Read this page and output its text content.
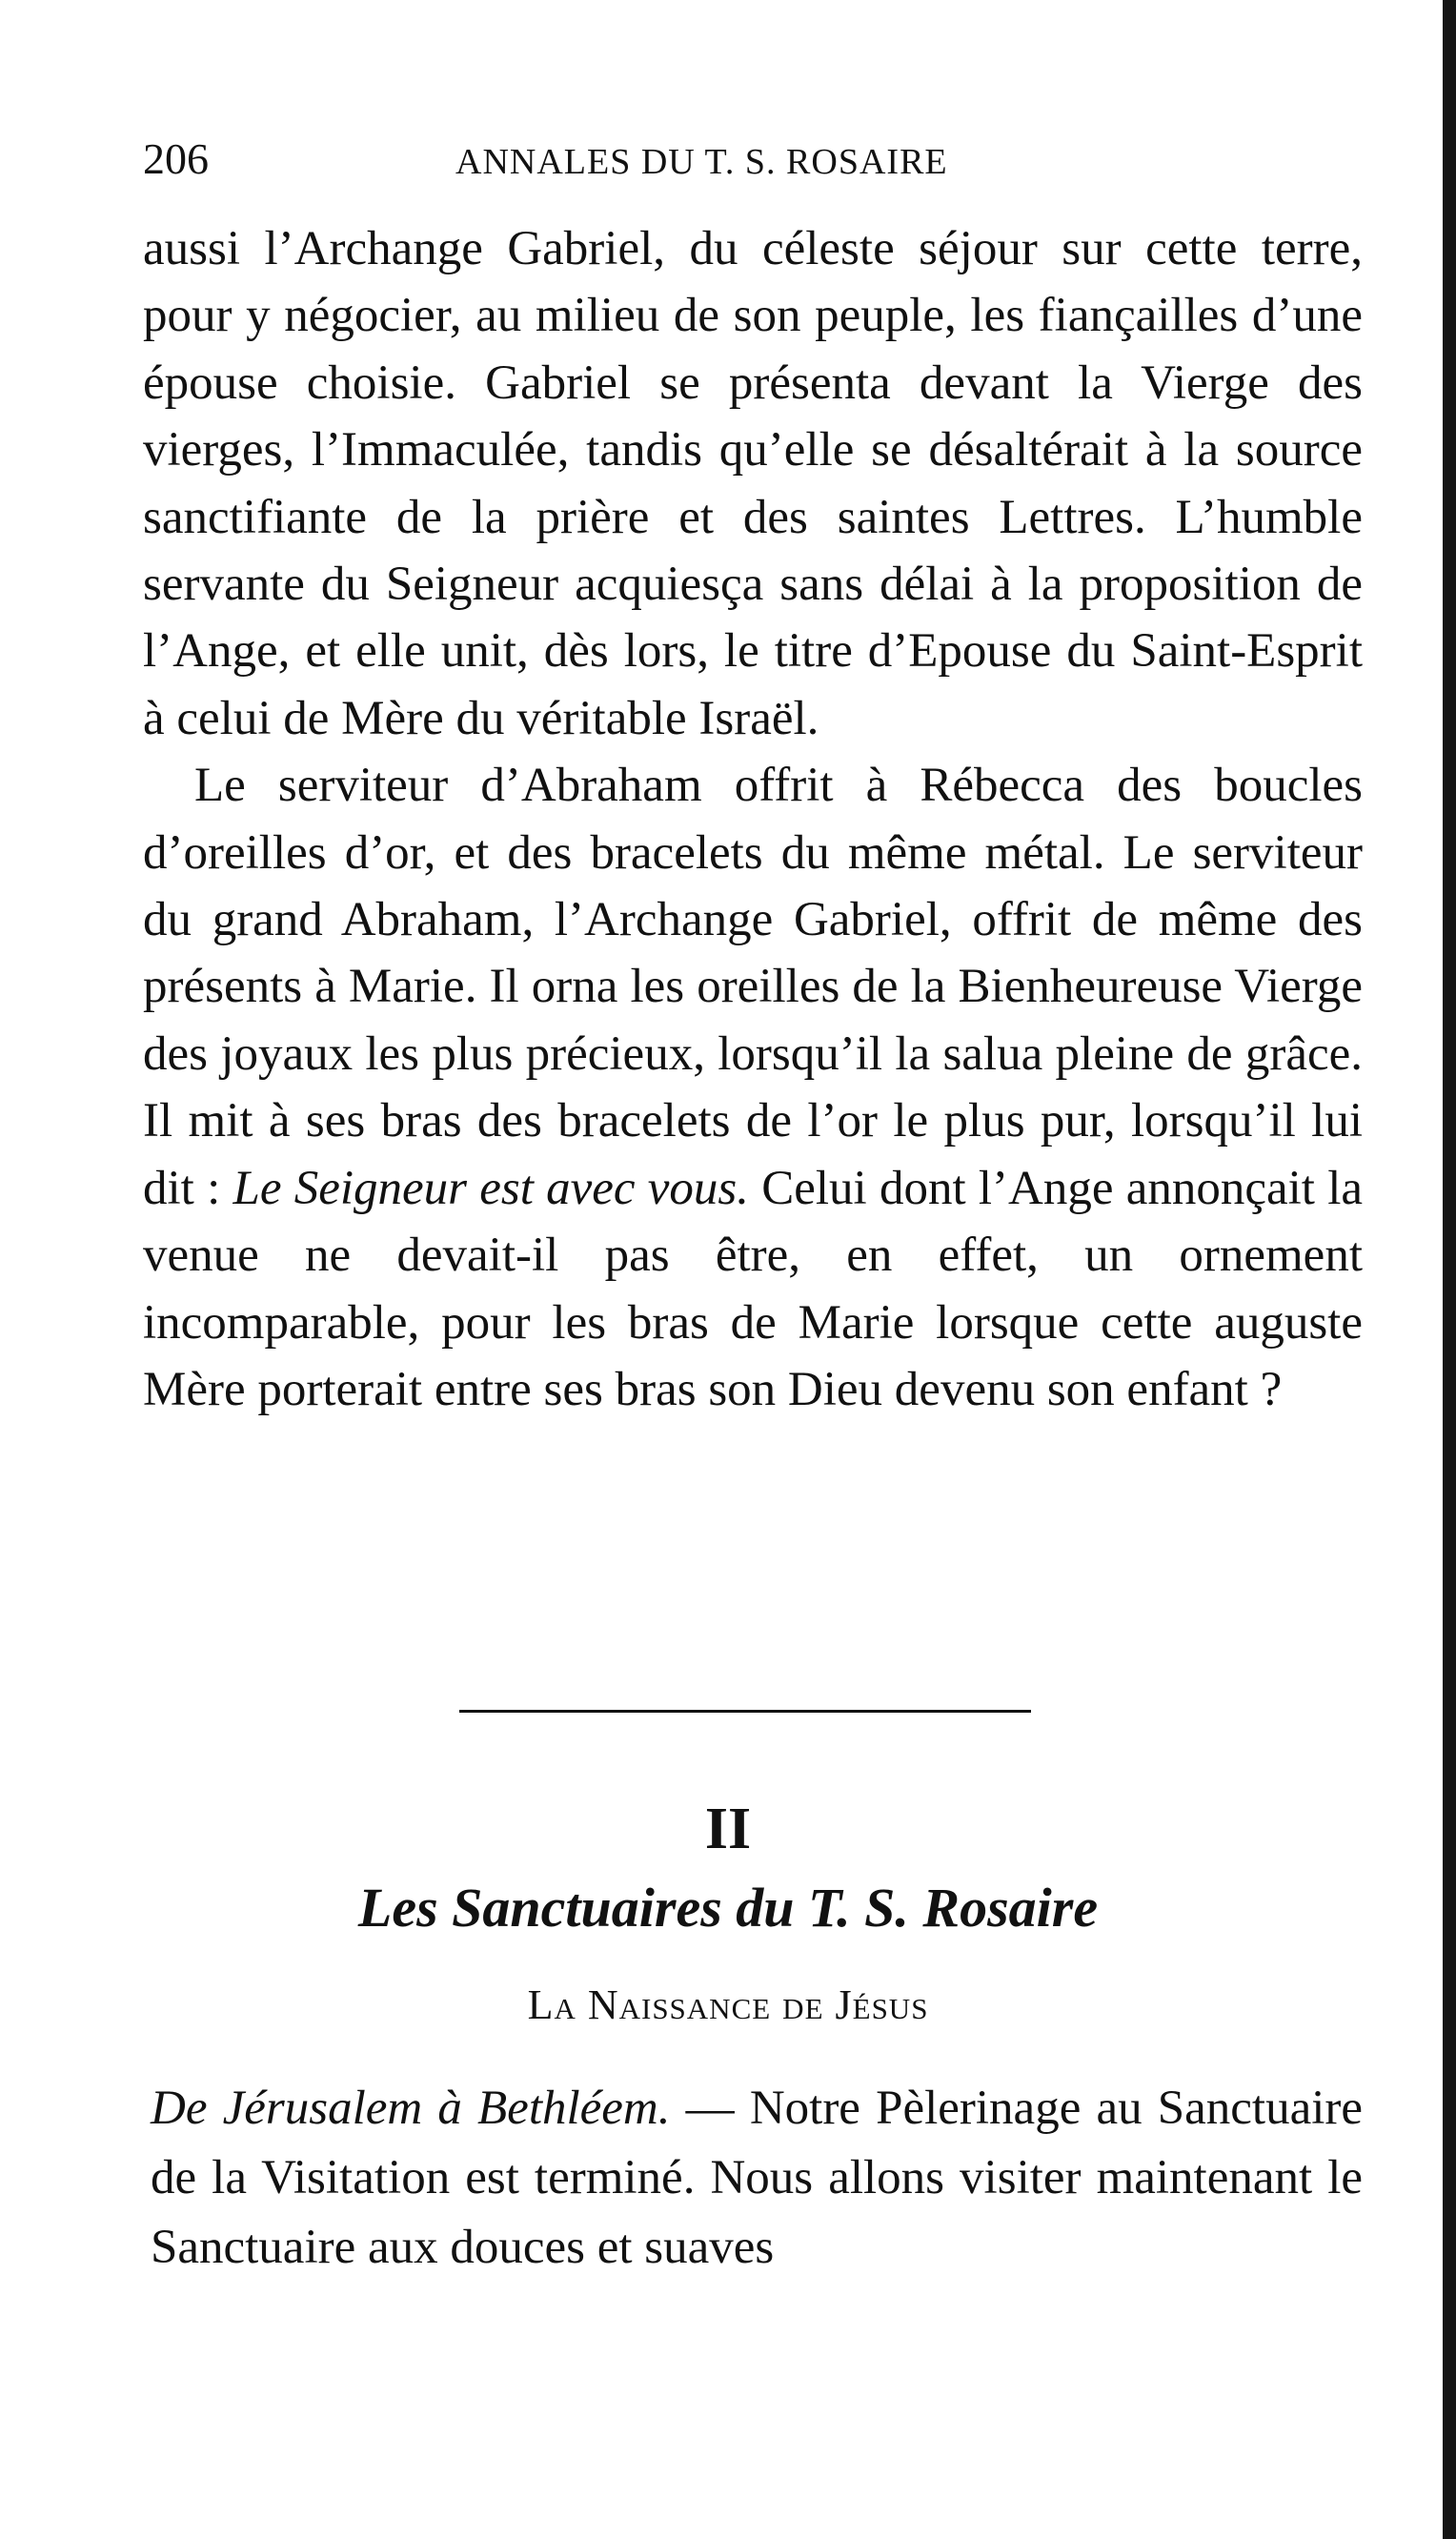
206	ANNALES DU T. S. ROSAIRE

aussi l’Archange Gabriel, du céleste séjour sur cette terre, pour y négocier, au milieu de son peuple, les fiançailles d’une épouse choisie. Gabriel se présenta devant la Vierge des vierges, l’Immaculée, tandis qu’elle se désaltérait à la source sanctifiante de la prière et des saintes Lettres. L’humble servante du Seigneur acquiesça sans délai à la proposition de l’Ange, et elle unit, dès lors, le titre d’Epouse du Saint-Esprit à celui de Mère du véritable Israël.

Le serviteur d’Abraham offrit à Rébecca des boucles d’oreilles d’or, et des bracelets du même métal. Le serviteur du grand Abraham, l’Archange Gabriel, offrit de même des présents à Marie. Il orna les oreilles de la Bienheureuse Vierge des joyaux les plus précieux, lorsqu’il la salua pleine de grâce. Il mit à ses bras des bracelets de l’or le plus pur, lorsqu’il lui dit : Le Seigneur est avec vous. Celui dont l’Ange annonçait la venue ne devait-il pas être, en effet, un ornement incomparable, pour les bras de Marie lorsque cette auguste Mère porterait entre ses bras son Dieu devenu son enfant ?

II
Les Sanctuaires du T. S. Rosaire
La Naissance de Jésus

De Jérusalem à Bethléem. — Notre Pèlerinage au Sanctuaire de la Visitation est terminé. Nous allons visiter maintenant le Sanctuaire aux douces et suaves
